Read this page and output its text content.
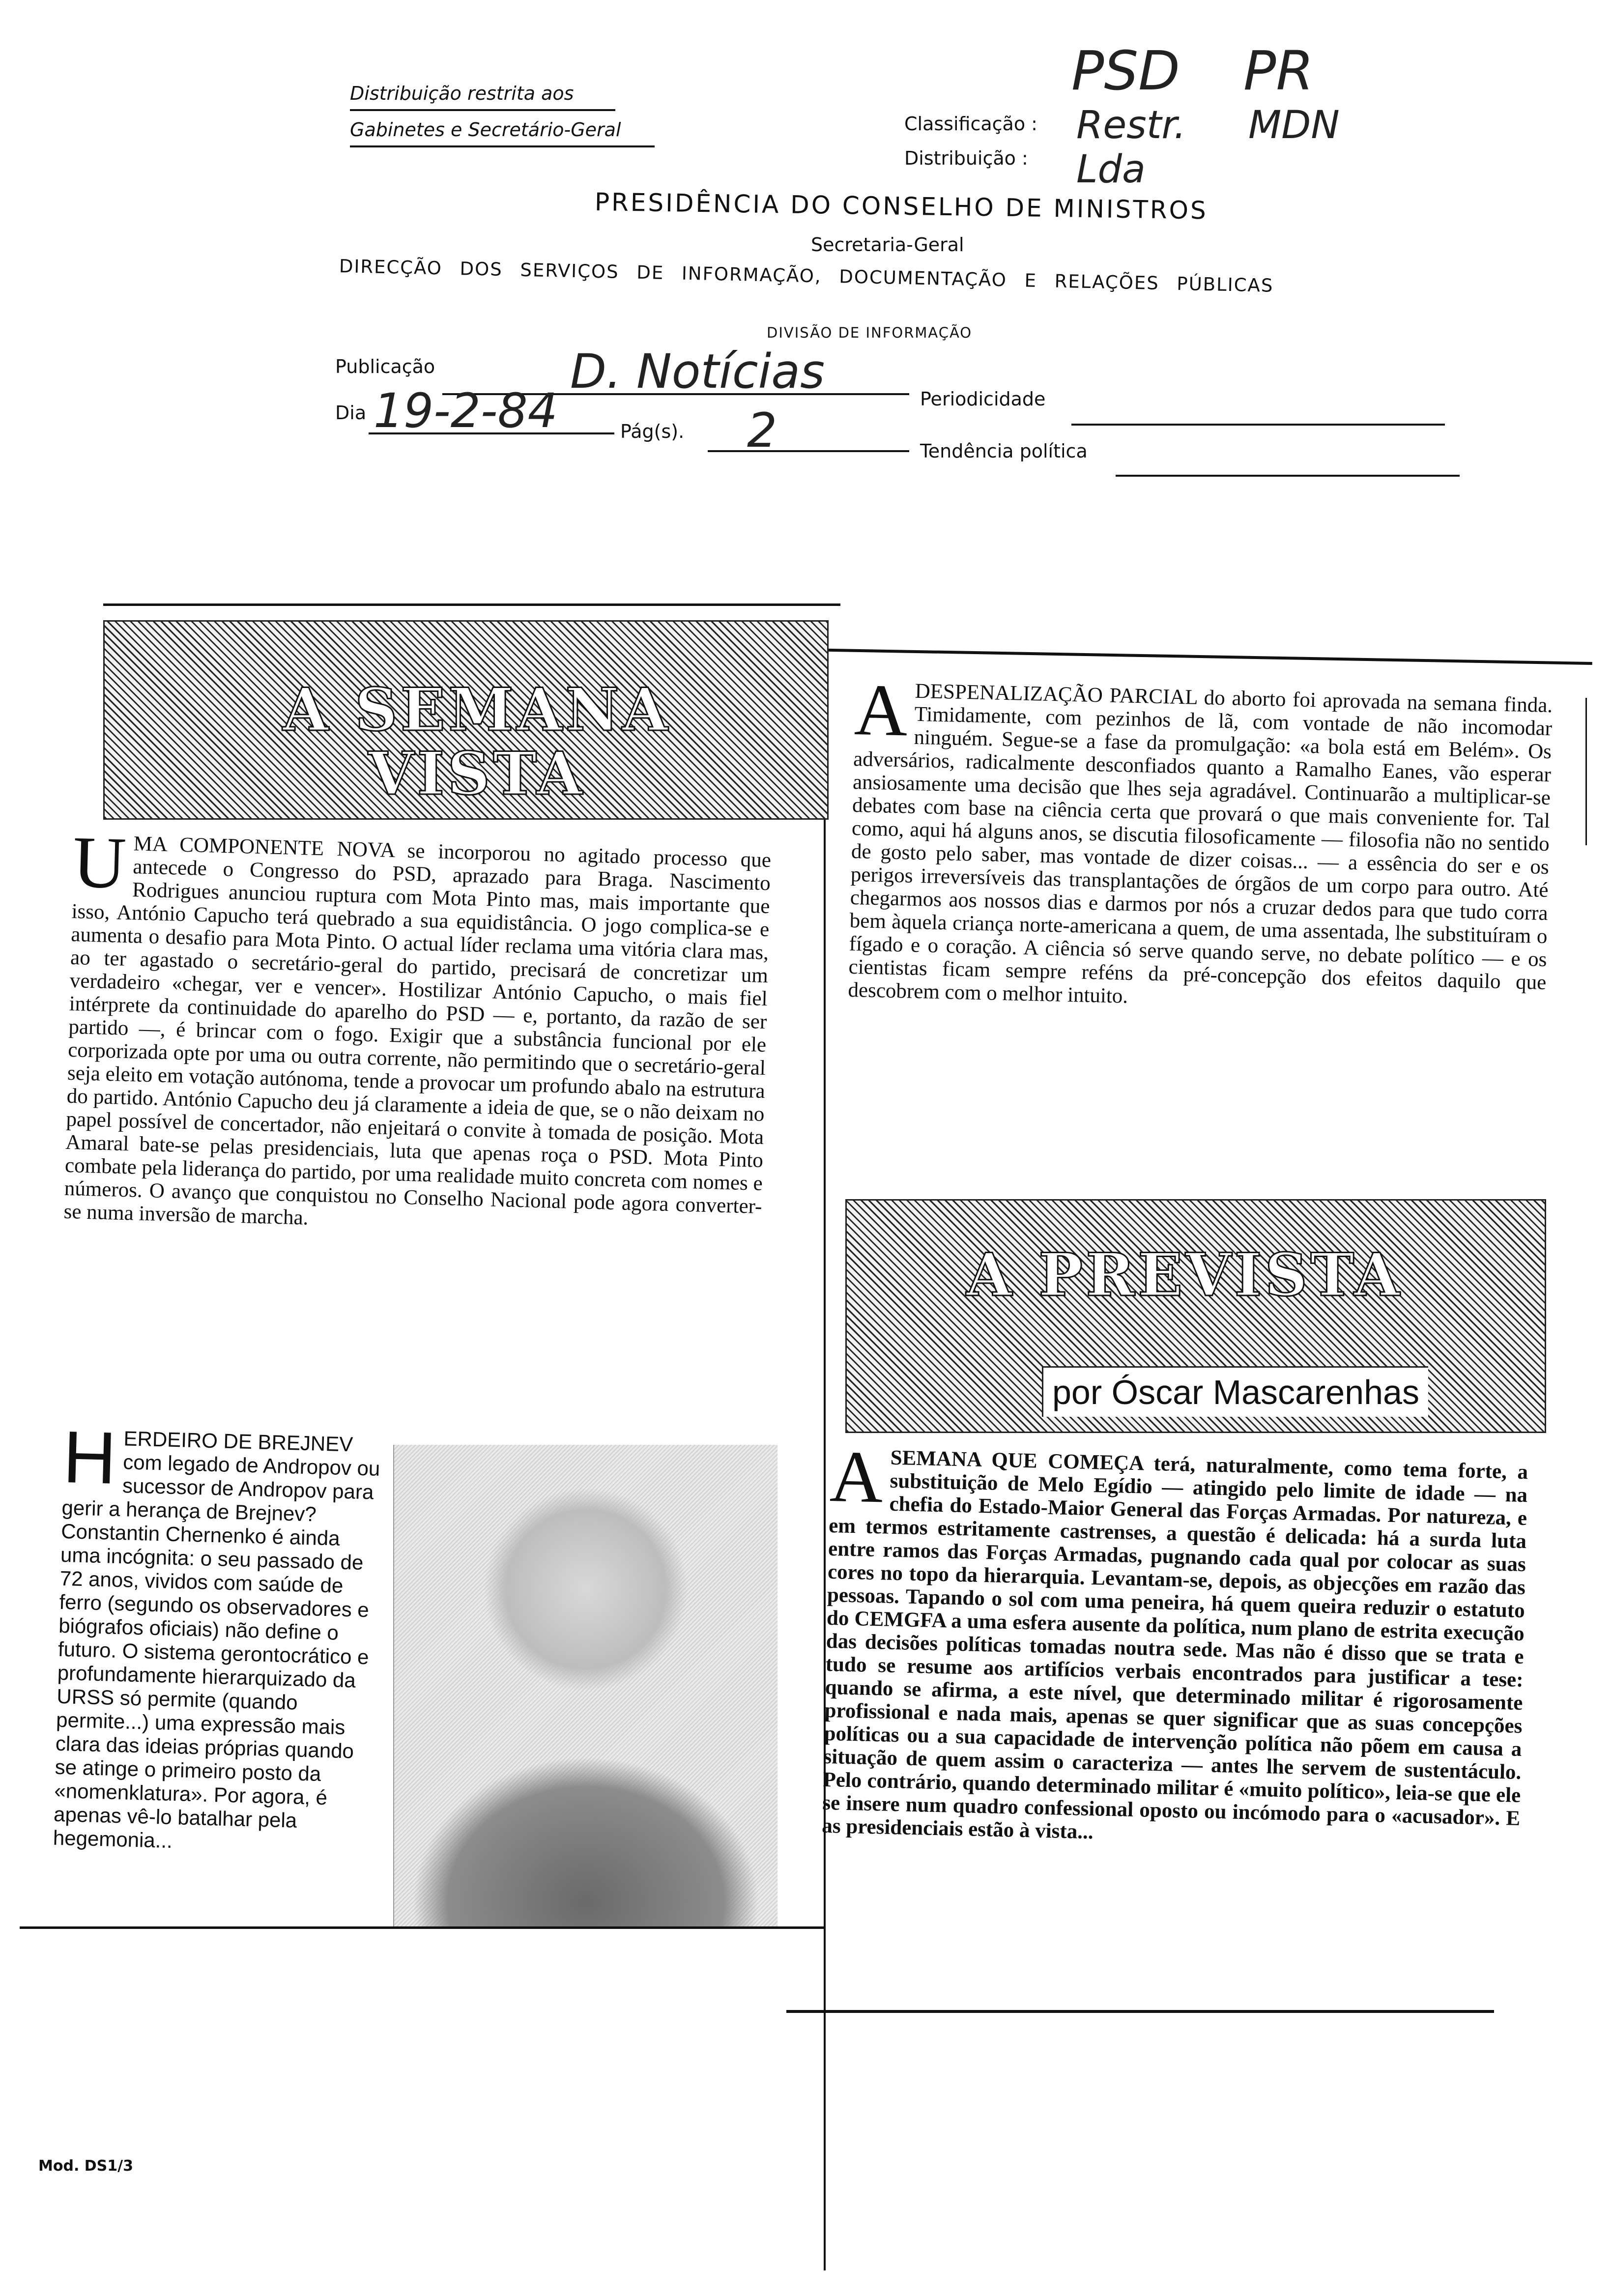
Distribuição restrita aos
Gabinetes e Secretário-Geral
PSD PR
Classificação : Restr. MDN
Distribuição : Lda
PRESIDÊNCIA DO CONSELHO DE MINISTROS
Secretaria-Geral
DIRECÇÃO DOS SERVIÇOS DE INFORMAÇÃO, DOCUMENTAÇÃO E RELAÇÕES PÚBLICAS
DIVISÃO DE INFORMAÇÃO
Publicação	D. Notícias	Periodicidade
Dia 19-2-84	Pág(s). 2	Tendência política
A SEMANA VISTA

U MA COMPONENTE NOVA se incorporou no agitado processo que antecede o Congresso do PSD, aprazado para Braga. Nascimento Rodrigues anunciou ruptura com Mota Pinto mas, mais importante que isso, António Capucho terá quebrado a sua equidistância. O jogo complica-se e aumenta o desafio para Mota Pinto. O actual líder reclama uma vitória clara mas, ao ter agastado o secretário-geral do partido, precisará de concretizar um verdadeiro «chegar, ver e vencer». Hostilizar António Capucho, o mais fiel intérprete da continuidade do aparelho do PSD — e, portanto, da razão de ser partido —, é brincar com o fogo. Exigir que a substância funcional por ele corporizada opte por uma ou outra corrente, não permitindo que o secretário-geral seja eleito em votação autónoma, tende a provocar um profundo abalo na estrutura do partido. António Capucho deu já claramente a ideia de que, se o não deixam no papel possível de concertador, não enjeitará o convite à tomada de posição. Mota Amaral bate-se pelas presidenciais, luta que apenas roça o PSD. Mota Pinto combate pela liderança do partido, por uma realidade muito concreta com nomes e números. O avanço que conquistou no Conselho Nacional pode agora converter-se numa inversão de marcha.

H ERDEIRO DE BREJNEV com legado de Andropov ou sucessor de Andropov para gerir a herança de Brejnev? Constantin Chernenko é ainda uma incógnita: o seu passado de 72 anos, vividos com saúde de ferro (segundo os observadores e biógrafos oficiais) não define o futuro. O sistema gerontocrático e profundamente hierarquizado da URSS só permite (quando permite...) uma expressão mais clara das ideias próprias quando se atinge o primeiro posto da «nomenklatura». Por agora, é apenas vê-lo batalhar pela hegemonia...

A DESPENALIZAÇÃO PARCIAL do aborto foi aprovada na semana finda. Timidamente, com pezinhos de lã, com vontade de não incomodar ninguém. Segue-se a fase da promulgação: «a bola está em Belém». Os adversários, radicalmente desconfiados quanto a Ramalho Eanes, vão esperar ansiosamente uma decisão que lhes seja agradável. Continuarão a multiplicar-se debates com base na ciência certa que provará o que mais conveniente for. Tal como, aqui há alguns anos, se discutia filosoficamente — filosofia não no sentido de gosto pelo saber, mas vontade de dizer coisas... — a essência do ser e os perigos irreversíveis das transplantações de órgãos de um corpo para outro. Até chegarmos aos nossos dias e darmos por nós a cruzar dedos para que tudo corra bem àquela criança norte-americana a quem, de uma assentada, lhe substituíram o fígado e o coração. A ciência só serve quando serve, no debate político — e os cientistas ficam sempre reféns da pré-concepção dos efeitos daquilo que descobrem com o melhor intuito.

A PREVISTA
por Óscar Mascarenhas

A SEMANA QUE COMEÇA terá, naturalmente, como tema forte, a substituição de Melo Egídio — atingido pelo limite de idade — na chefia do Estado-Maior General das Forças Armadas. Por natureza, e em termos estritamente castrenses, a questão é delicada: há a surda luta entre ramos das Forças Armadas, pugnando cada qual por colocar as suas cores no topo da hierarquia. Levantam-se, depois, as objecções em razão das pessoas. Tapando o sol com uma peneira, há quem queira reduzir o estatuto do CEMGFA a uma esfera ausente da política, num plano de estrita execução das decisões políticas tomadas noutra sede. Mas não é disso que se trata e tudo se resume aos artifícios verbais encontrados para justificar a tese: quando se afirma, a este nível, que determinado militar é rigorosamente profissional e nada mais, apenas se quer significar que as suas concepções políticas ou a sua capacidade de intervenção política não põem em causa a situação de quem assim o caracteriza — antes lhe servem de sustentáculo. Pelo contrário, quando determinado militar é «muito político», leia-se que ele se insere num quadro confessional oposto ou incómodo para o «acusador». E as presidenciais estão à vista...

Mod. DS1/3
